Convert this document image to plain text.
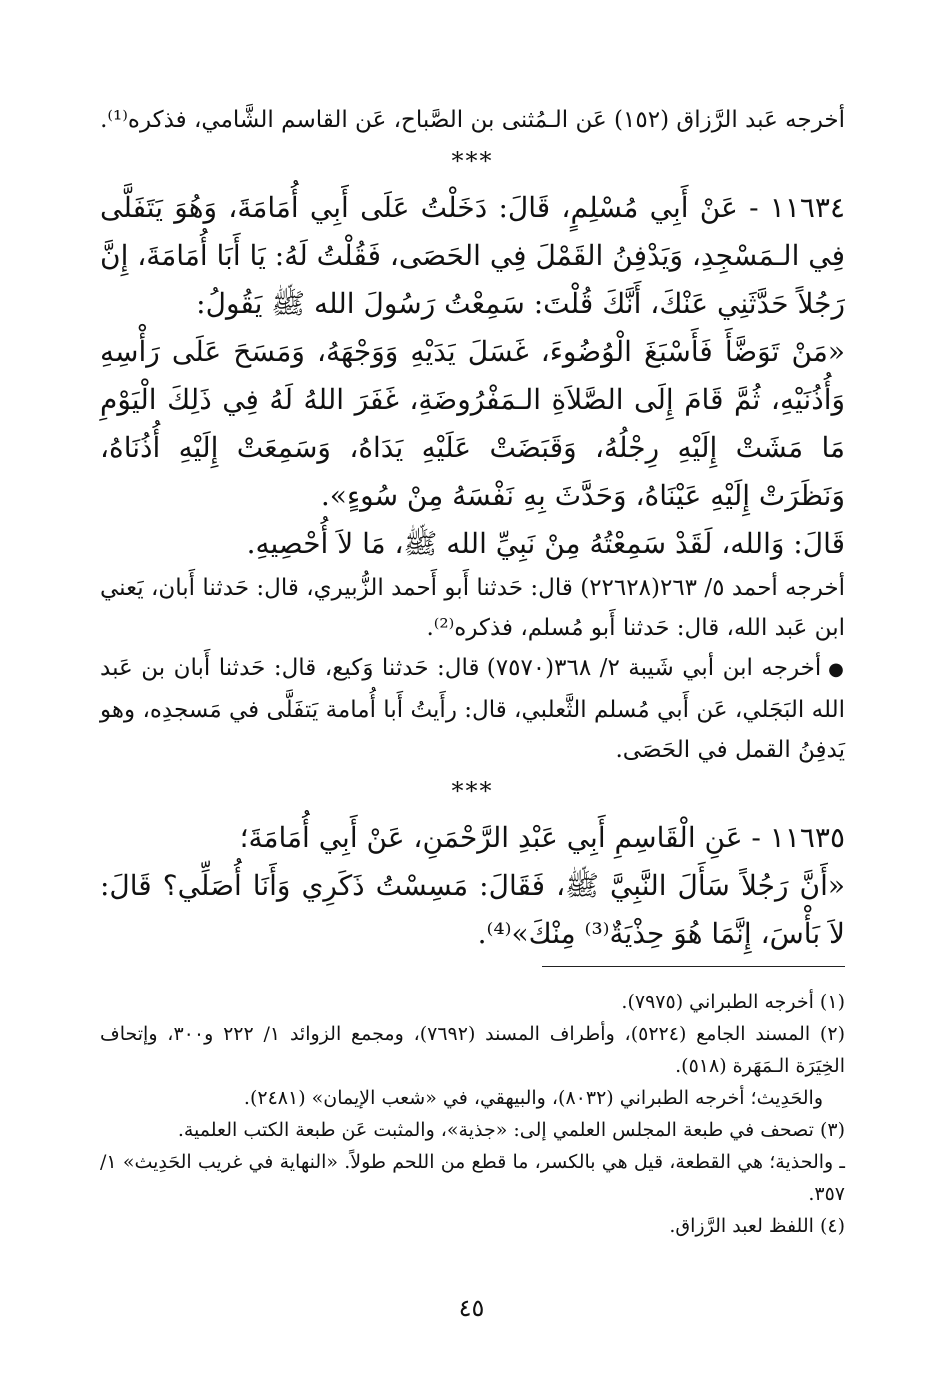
أخرجه عَبد الرَّزاق (١٥٢) عَن الـمُثنى بن الصَّباح، عَن القاسم الشَّامي، فذكره⁽¹⁾.

***

١١٦٣٤ - عَنْ أَبِي مُسْلِمٍ، قَالَ: دَخَلْتُ عَلَى أَبِي أُمَامَةَ، وَهُوَ يَتَفَلَّى فِي الـمَسْجِدِ، وَيَدْفِنُ القَمْلَ فِي الحَصَى، فَقُلْتُ لَهُ: يَا أَبَا أُمَامَةَ، إِنَّ رَجُلاً حَدَّثَنِي عَنْكَ، أَنَّكَ قُلْتَ: سَمِعْتُ رَسُولَ الله ﷺ يَقُولُ:

«مَنْ تَوَضَّأَ فَأَسْبَغَ الْوُضُوءَ، غَسَلَ يَدَيْهِ وَوَجْهَهُ، وَمَسَحَ عَلَى رَأْسِهِ وَأُذُنَيْهِ، ثُمَّ قَامَ إِلَى الصَّلاَةِ الـمَفْرُوضَةِ، غَفَرَ اللهُ لَهُ فِي ذَلِكَ الْيَوْمِ مَا مَشَتْ إِلَيْهِ رِجْلُهُ، وَقَبَضَتْ عَلَيْهِ يَدَاهُ، وَسَمِعَتْ إِلَيْهِ أُذُنَاهُ، وَنَظَرَتْ إِلَيْهِ عَيْنَاهُ، وَحَدَّثَ بِهِ نَفْسَهُ مِنْ سُوءٍ».

قَالَ: وَالله، لَقَدْ سَمِعْتُهُ مِنْ نَبِيِّ الله ﷺ، مَا لاَ أُحْصِيهِ.

أخرجه أحمد ٥/ ٢٦٣(٢٢٦٢٨) قال: حَدثنا أَبو أَحمد الزُّبيري، قال: حَدثنا أَبان، يَعني ابن عَبد الله، قال: حَدثنا أَبو مُسلم، فذكره⁽²⁾.

● أخرجه ابن أبي شَيبة ٢/ ٣٦٨(٧٥٧٠) قال: حَدثنا وَكيع، قال: حَدثنا أَبان بن عَبد الله البَجَلي، عَن أَبي مُسلم الثَّعلبي، قال: رأَيتُ أَبا أُمامة يَتفَلَّى في مَسجدِه، وهو يَدفِنُ القمل في الحَصَى.

***

١١٦٣٥ - عَنِ الْقَاسِمِ أَبِي عَبْدِ الرَّحْمَنِ، عَنْ أَبِي أُمَامَةَ؛

«أَنَّ رَجُلاً سَأَلَ النَّبِيَّ ﷺ، فَقَالَ: مَسِسْتُ ذَكَرِي وَأَنَا أُصَلِّي؟ قَالَ: لاَ بَأْسَ، إِنَّمَا هُوَ حِذْيَةٌ⁽³⁾ مِنْكَ»⁽⁴⁾.

(١) أخرجه الطبراني (٧٩٧٥).

(٢) المسند الجامع (٥٢٢٤)، وأطراف المسند (٧٦٩٢)، ومجمع الزوائد ١/ ٢٢٢ و٣٠٠، وإتحاف الخِيَرَة الـمَهَرة (٥١٨).

والحَدِيث؛ أخرجه الطبراني (٨٠٣٢)، والبيهقي، في «شعب الإيمان» (٢٤٨١).

(٣) تصحف في طبعة المجلس العلمي إلى: «جذية»، والمثبت عَن طبعة الكتب العلمية.

ـ والحذية؛ هي القطعة، قيل هي بالكسر، ما قطع من اللحم طولاً. «النهاية في غريب الحَدِيث» ١/ ٣٥٧.

(٤) اللفظ لعبد الرَّزاق.

٤٥
